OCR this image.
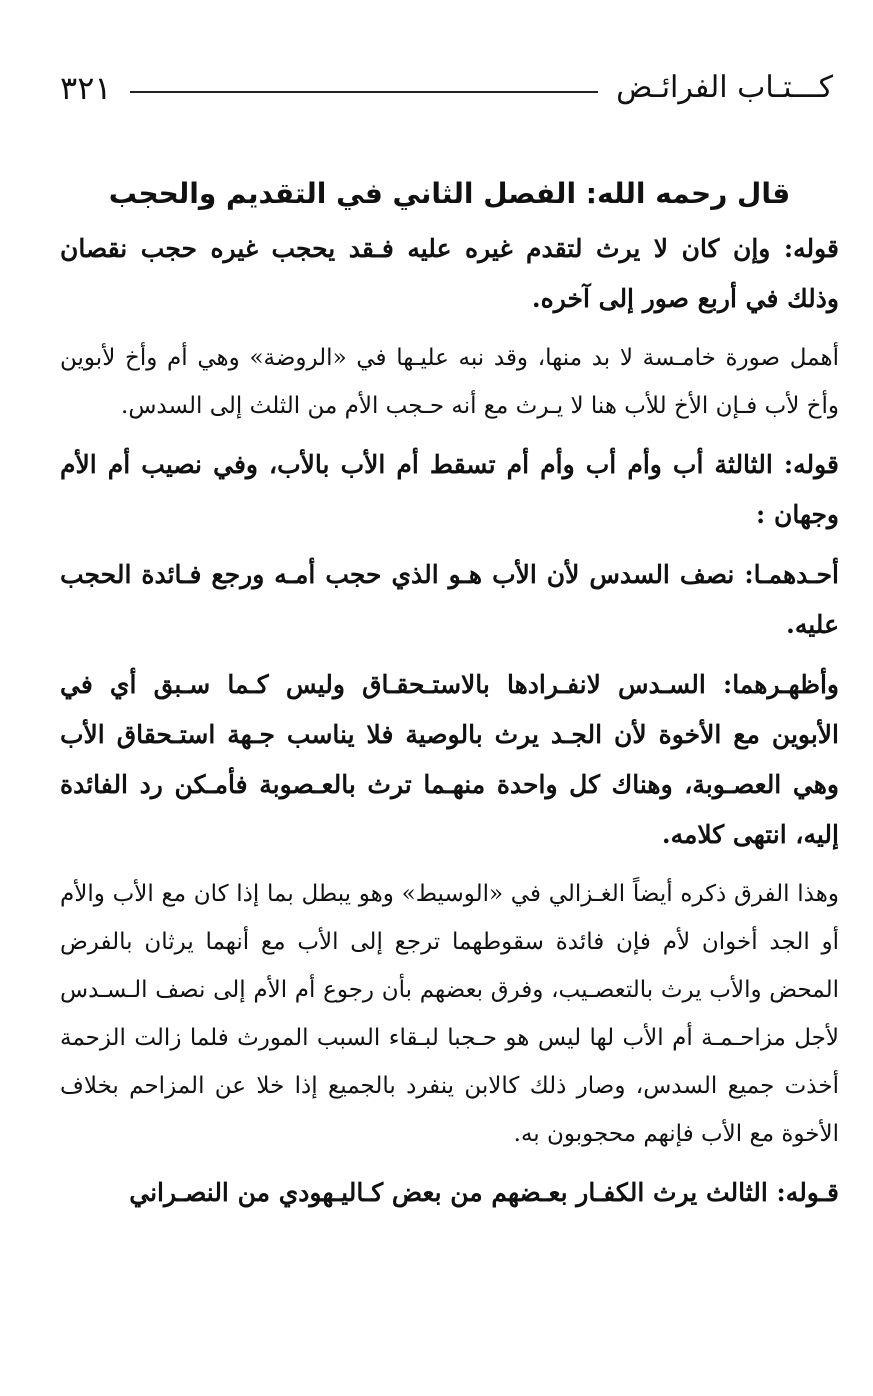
كـــتـاب الفرائـض
٣٢١
قال رحمه الله: الفصل الثاني في التقديم والحجب

قوله: وإن كان لا يرث لتقدم غيره عليه فـقد يحجب غيره حجب نقصان وذلك في أربع صور إلى آخره.

أهمل صورة خامـسة لا بد منها، وقد نبه عليـها في «الروضة» وهي أم وأخ لأبوين وأخ لأب فـإن الأخ للأب هنا لا يـرث مع أنه حـجب الأم من الثلث إلى السدس.

قوله: الثالثة أب وأم أب وأم أم تسقط أم الأب بالأب، وفي نصيب أم الأم وجهان :

أحـدهمـا: نصف السدس لأن الأب هـو الذي حجب أمـه ورجع فـائدة الحجب عليه.

وأظهـرهما: السـدس لانفـرادها بالاستـحقـاق وليس كـما سـبق أي في الأبوين مع الأخوة لأن الجـد يرث بالوصية فلا يناسب جـهة استـحقاق الأب وهي العصـوبة، وهناك كل واحدة منهـما ترث بالعـصوبة فأمـكن رد الفائدة إليه، انتهى كلامه.

وهذا الفرق ذكره أيضاً الغـزالي في «الوسيط» وهو يبطل بما إذا كان مع الأب والأم أو الجد أخوان لأم فإن فائدة سقوطهما ترجع إلى الأب مع أنهما يرثان بالفرض المحض والأب يرث بالتعصـيب، وفرق بعضهم بأن رجوع أم الأم إلى نصف الـسـدس لأجل مزاحـمـة أم الأب لها ليس هو حـجبا لبـقاء السبب المورث فلما زالت الزحمة أخذت جميع السدس، وصار ذلك كالابن ينفرد بالجميع إذا خلا عن المزاحم بخلاف الأخوة مع الأب فإنهم محجوبون به.

قـوله: الثالث يرث الكفـار بعـضهم من بعض كـاليـهودي من النصـراني
